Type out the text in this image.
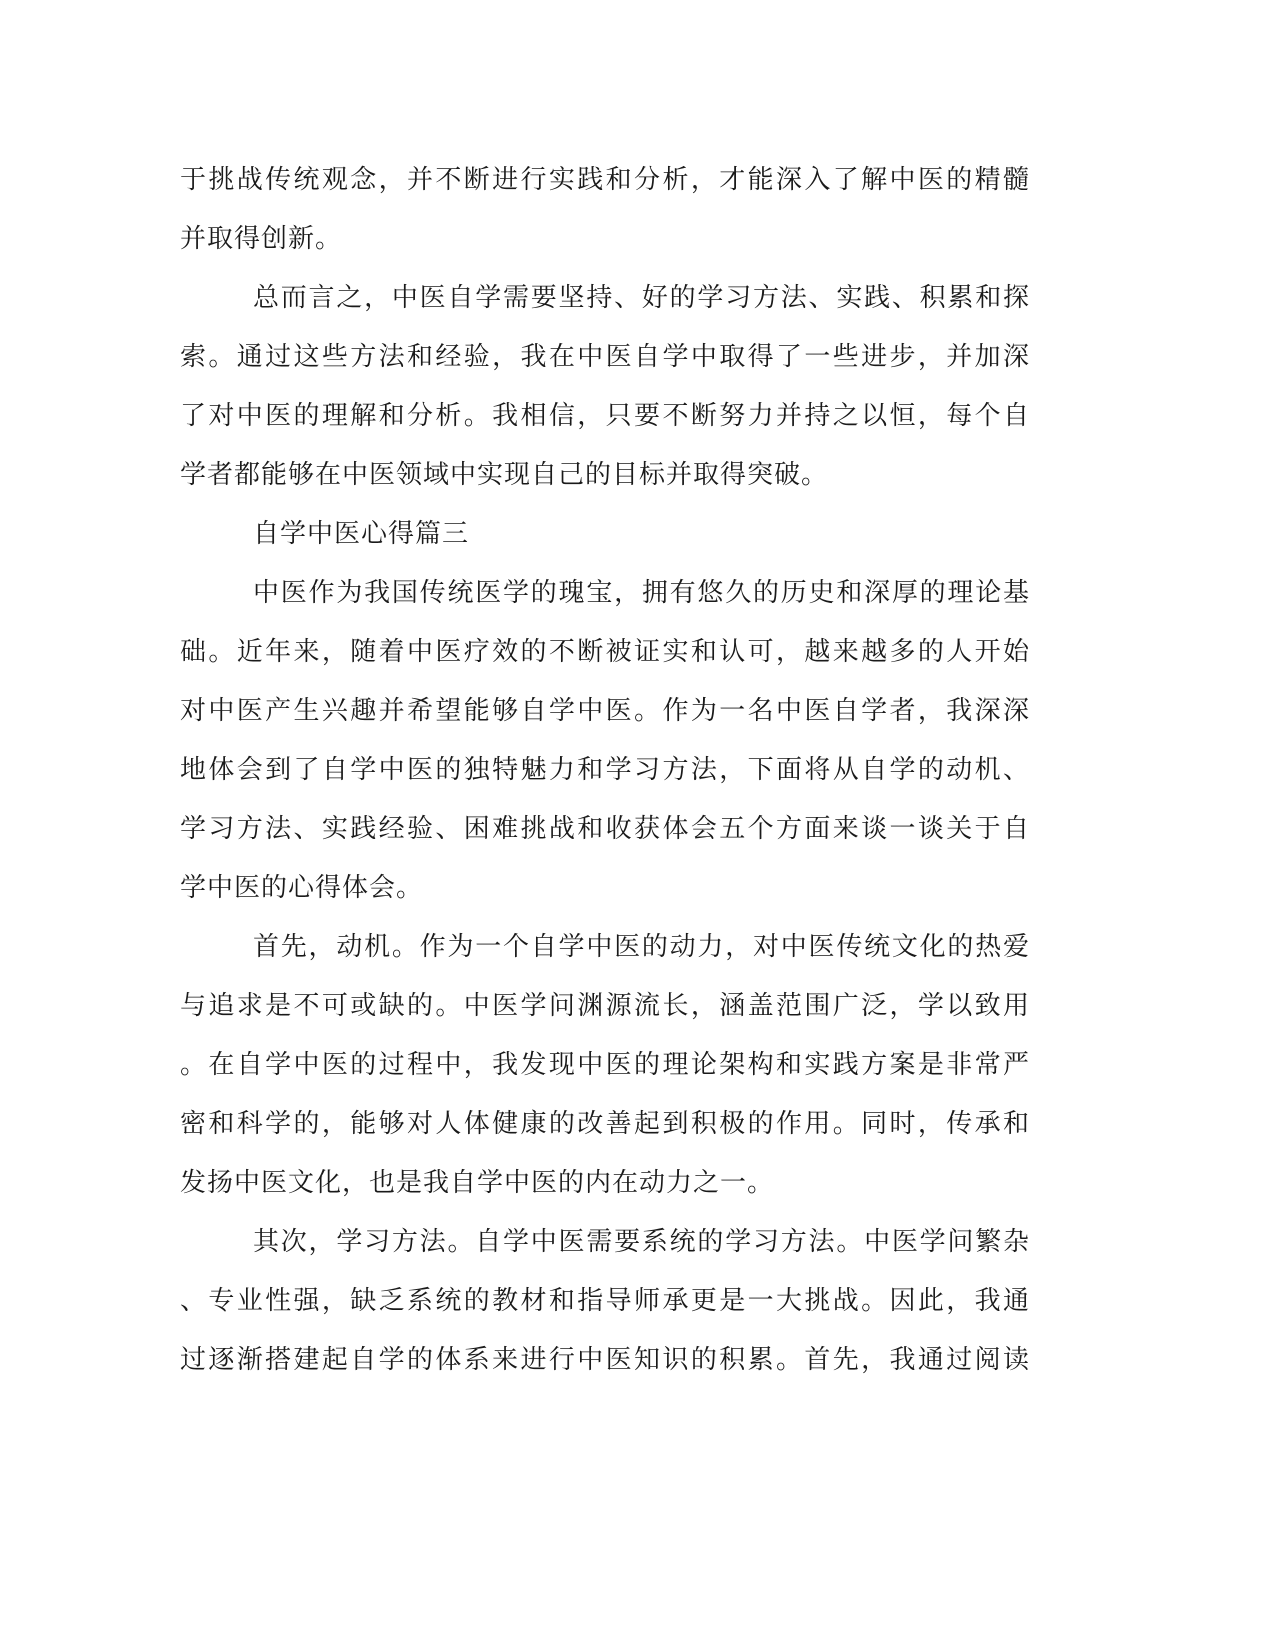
于挑战传统观念，并不断进行实践和分析，才能深入了解中医的精髓
并取得创新。
总而言之，中医自学需要坚持、好的学习方法、实践、积累和探
索。通过这些方法和经验，我在中医自学中取得了一些进步，并加深
了对中医的理解和分析。我相信，只要不断努力并持之以恒，每个自
学者都能够在中医领域中实现自己的目标并取得突破。
自学中医心得篇三
中医作为我国传统医学的瑰宝，拥有悠久的历史和深厚的理论基
础。近年来，随着中医疗效的不断被证实和认可，越来越多的人开始
对中医产生兴趣并希望能够自学中医。作为一名中医自学者，我深深
地体会到了自学中医的独特魅力和学习方法，下面将从自学的动机、
学习方法、实践经验、困难挑战和收获体会五个方面来谈一谈关于自
学中医的心得体会。
首先，动机。作为一个自学中医的动力，对中医传统文化的热爱
与追求是不可或缺的。中医学问渊源流长，涵盖范围广泛，学以致用
。在自学中医的过程中，我发现中医的理论架构和实践方案是非常严
密和科学的，能够对人体健康的改善起到积极的作用。同时，传承和
发扬中医文化，也是我自学中医的内在动力之一。
其次，学习方法。自学中医需要系统的学习方法。中医学问繁杂
、专业性强，缺乏系统的教材和指导师承更是一大挑战。因此，我通
过逐渐搭建起自学的体系来进行中医知识的积累。首先，我通过阅读
